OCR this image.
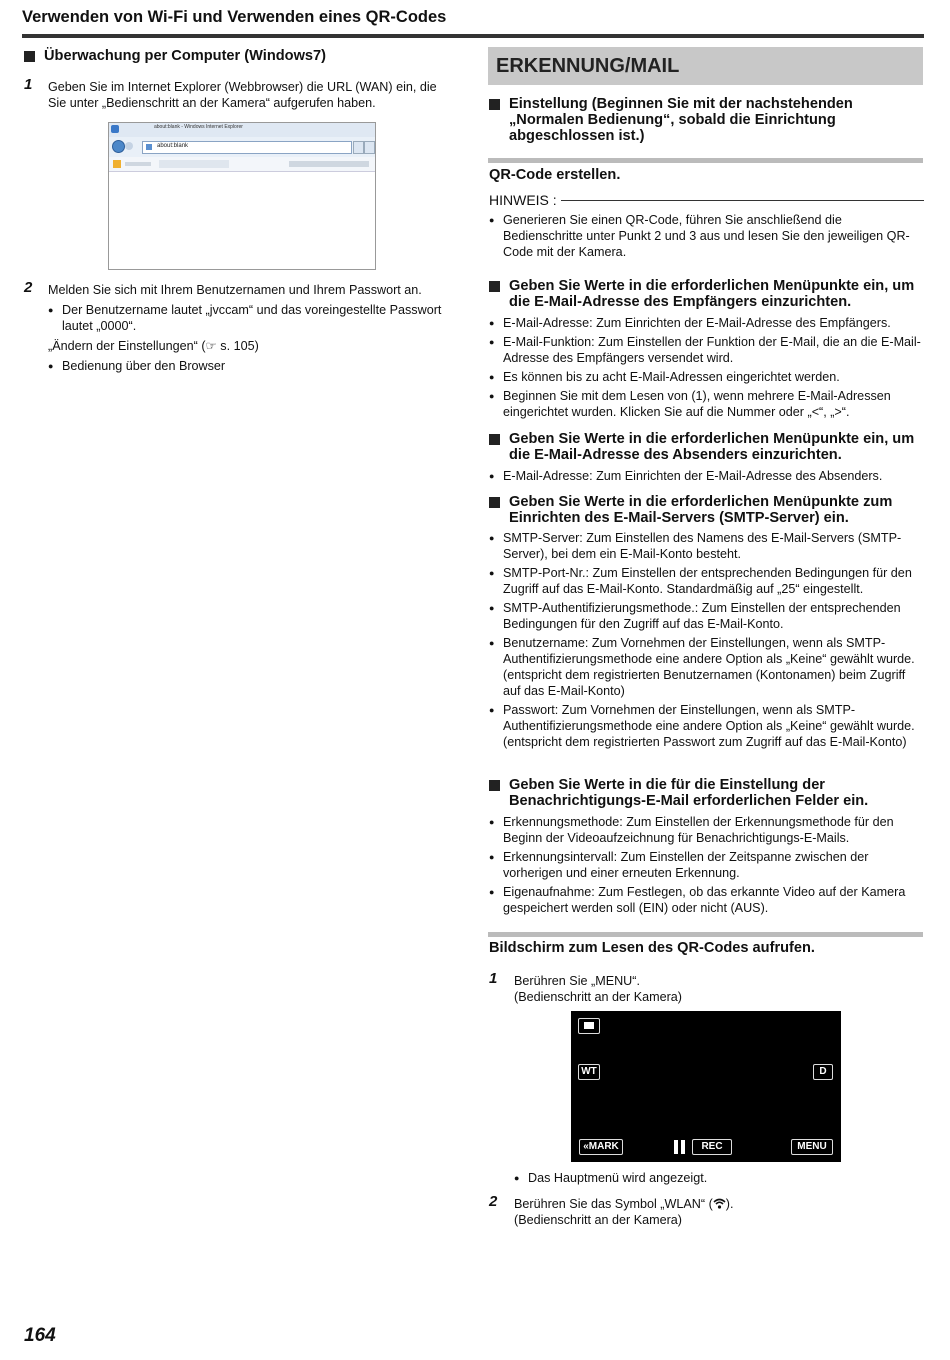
Verwenden von Wi-Fi und Verwenden eines QR-Codes
Überwachung per Computer (Windows7)
1 Geben Sie im Internet Explorer (Webbrowser) die URL (WAN) ein, die
Sie unter „Bedienschritt an der Kamera“ aufgerufen haben.
about:blank - Windows Internet Explorer
about:blank
2 Melden Sie sich mit Ihrem Benutzernamen und Ihrem Passwort an.
● Der Benutzername lautet „jvccam“ und das voreingestellte Passwort lautet „0000“.
„Ändern der Einstellungen“ (☞ s. 105)
● Bedienung über den Browser
ERKENNUNG/MAIL
Einstellung (Beginnen Sie mit der nachstehenden „Normalen Bedienung“, sobald die Einrichtung abgeschlossen ist.)
QR-Code erstellen.
HINWEIS :
● Generieren Sie einen QR-Code, führen Sie anschließend die Bedienschritte unter Punkt 2 und 3 aus und lesen Sie den jeweiligen QR-Code mit der Kamera.
Geben Sie Werte in die erforderlichen Menüpunkte ein, um die E-Mail-Adresse des Empfängers einzurichten.
● E-Mail-Adresse: Zum Einrichten der E-Mail-Adresse des Empfängers.
● E-Mail-Funktion: Zum Einstellen der Funktion der E-Mail, die an die E-Mail-Adresse des Empfängers versendet wird.
● Es können bis zu acht E-Mail-Adressen eingerichtet werden.
● Beginnen Sie mit dem Lesen von (1), wenn mehrere E-Mail-Adressen eingerichtet wurden. Klicken Sie auf die Nummer oder „<“, „>“.
Geben Sie Werte in die erforderlichen Menüpunkte ein, um die E-Mail-Adresse des Absenders einzurichten.
● E-Mail-Adresse: Zum Einrichten der E-Mail-Adresse des Absenders.
Geben Sie Werte in die erforderlichen Menüpunkte zum Einrichten des E-Mail-Servers (SMTP-Server) ein.
● SMTP-Server: Zum Einstellen des Namens des E-Mail-Servers (SMTP-Server), bei dem ein E-Mail-Konto besteht.
● SMTP-Port-Nr.: Zum Einstellen der entsprechenden Bedingungen für den Zugriff auf das E-Mail-Konto. Standardmäßig auf „25“ eingestellt.
● SMTP-Authentifizierungsmethode.: Zum Einstellen der entsprechenden Bedingungen für den Zugriff auf das E-Mail-Konto.
● Benutzername: Zum Vornehmen der Einstellungen, wenn als SMTP-Authentifizierungsmethode eine andere Option als „Keine“ gewählt wurde. (entspricht dem registrierten Benutzernamen (Kontonamen) beim Zugriff auf das E-Mail-Konto)
● Passwort: Zum Vornehmen der Einstellungen, wenn als SMTP-Authentifizierungsmethode eine andere Option als „Keine“ gewählt wurde. (entspricht dem registrierten Passwort zum Zugriff auf das E-Mail-Konto)
Geben Sie Werte in die für die Einstellung der Benachrichtigungs-E-Mail erforderlichen Felder ein.
● Erkennungsmethode: Zum Einstellen der Erkennungsmethode für den Beginn der Videoaufzeichnung für Benachrichtigungs-E-Mails.
● Erkennungsintervall: Zum Einstellen der Zeitspanne zwischen der vorherigen und einer erneuten Erkennung.
● Eigenaufnahme: Zum Festlegen, ob das erkannte Video auf der Kamera gespeichert werden soll (EIN) oder nicht (AUS).
Bildschirm zum Lesen des QR-Codes aufrufen.
1 Berühren Sie „MENU“.
(Bedienschritt an der Kamera)
WT	D
«MARK	REC	MENU
● Das Hauptmenü wird angezeigt.
2 Berühren Sie das Symbol „WLAN“ ( ).
(Bedienschritt an der Kamera)
164
